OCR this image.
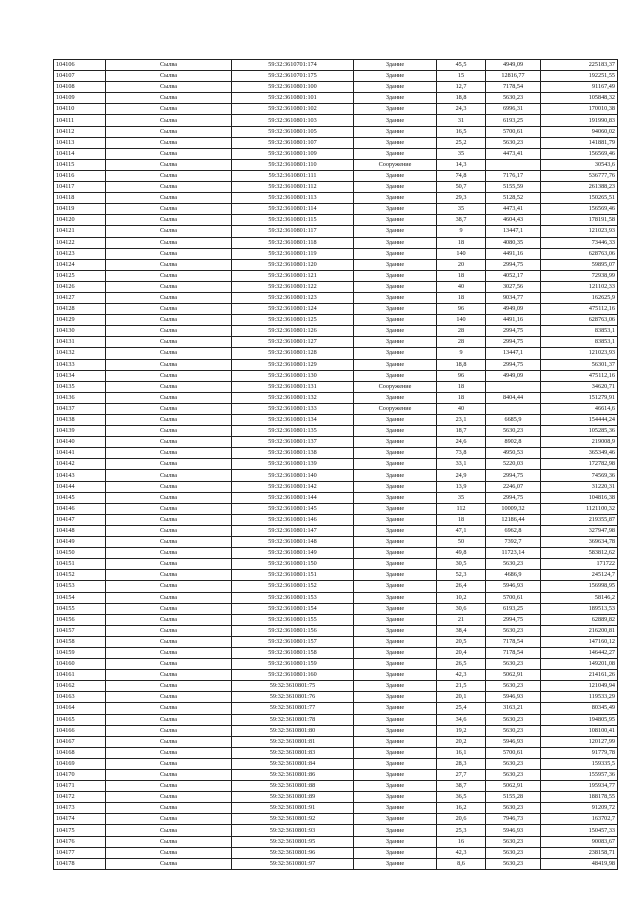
104106	Сылва	59:32:3610701:174	Здание	45,5	4949,09	225183,37
104107	Сылва	59:32:3610701:175	Здание	15	12816,77	192251,55
104108	Сылва	59:32:3610801:100	Здание	12,7	7178,54	91167,49
104109	Сылва	59:32:3610801:101	Здание	18,8	5630,23	105848,32
104110	Сылва	59:32:3610801:102	Здание	24,3	6996,31	170010,38
104111	Сылва	59:32:3610801:103	Здание	31	6193,25	191990,83
104112	Сылва	59:32:3610801:105	Здание	16,5	5700,61	94060,02
104113	Сылва	59:32:3610801:107	Здание	25,2	5630,23	141881,79
104114	Сылва	59:32:3610801:109	Здание	35	4473,41	156569,46
104115	Сылва	59:32:3610801:110	Сооружение	14,3		30543,6
104116	Сылва	59:32:3610801:111	Здание	74,8	7176,17	536777,76
104117	Сылва	59:32:3610801:112	Здание	50,7	5155,59	261388,23
104118	Сылва	59:32:3610801:113	Здание	29,3	5128,52	150265,51
104119	Сылва	59:32:3610801:114	Здание	35	4473,41	156569,46
104120	Сылва	59:32:3610801:115	Здание	38,7	4604,43	178191,58
104121	Сылва	59:32:3610801:117	Здание	9	13447,1	121023,93
104122	Сылва	59:32:3610801:118	Здание	18	4080,35	73446,33
104123	Сылва	59:32:3610801:119	Здание	140	4491,16	628763,06
104124	Сылва	59:32:3610801:120	Здание	20	2994,75	59895,07
104125	Сылва	59:32:3610801:121	Здание	18	4052,17	72938,99
104126	Сылва	59:32:3610801:122	Здание	40	3027,56	121102,33
104127	Сылва	59:32:3610801:123	Здание	18	9034,77	162625,9
104128	Сылва	59:32:3610801:124	Здание	96	4949,09	475112,16
104129	Сылва	59:32:3610801:125	Здание	140	4491,16	628763,06
104130	Сылва	59:32:3610801:126	Здание	28	2994,75	83853,1
104131	Сылва	59:32:3610801:127	Здание	28	2994,75	83853,1
104132	Сылва	59:32:3610801:128	Здание	9	13447,1	121023,93
104133	Сылва	59:32:3610801:129	Здание	18,8	2994,75	56301,37
104134	Сылва	59:32:3610801:130	Здание	96	4949,09	475112,16
104135	Сылва	59:32:3610801:131	Сооружение	18		34620,71
104136	Сылва	59:32:3610801:132	Здание	18	8404,44	151279,91
104137	Сылва	59:32:3610801:133	Сооружение	40		46614,6
104138	Сылва	59:32:3610801:134	Здание	23,1	6685,9	154444,24
104139	Сылва	59:32:3610801:135	Здание	18,7	5630,23	105285,36
104140	Сылва	59:32:3610801:137	Здание	24,6	8902,8	219008,9
104141	Сылва	59:32:3610801:138	Здание	73,8	4950,53	365349,46
104142	Сылва	59:32:3610801:139	Здание	33,1	5220,03	172782,98
104143	Сылва	59:32:3610801:140	Здание	24,9	2994,75	74569,36
104144	Сылва	59:32:3610801:142	Здание	13,9	2246,07	31220,31
104145	Сылва	59:32:3610801:144	Здание	35	2994,75	104816,38
104146	Сылва	59:32:3610801:145	Здание	112	10009,32	1121100,32
104147	Сылва	59:32:3610801:146	Здание	18	12186,44	219355,87
104148	Сылва	59:32:3610801:147	Здание	47,1	6962,8	327947,98
104149	Сылва	59:32:3610801:148	Здание	50	7392,7	369634,78
104150	Сылва	59:32:3610801:149	Здание	49,8	11723,14	583812,62
104151	Сылва	59:32:3610801:150	Здание	30,5	5630,23	171722
104152	Сылва	59:32:3610801:151	Здание	52,3	4686,9	245124,7
104153	Сылва	59:32:3610801:152	Здание	26,4	5946,93	156998,95
104154	Сылва	59:32:3610801:153	Здание	10,2	5700,61	58146,2
104155	Сылва	59:32:3610801:154	Здание	30,6	6193,25	189513,53
104156	Сылва	59:32:3610801:155	Здание	21	2994,75	62889,82
104157	Сылва	59:32:3610801:156	Здание	38,4	5630,23	216200,81
104158	Сылва	59:32:3610801:157	Здание	20,5	7178,54	147160,12
104159	Сылва	59:32:3610801:158	Здание	20,4	7178,54	146442,27
104160	Сылва	59:32:3610801:159	Здание	26,5	5630,23	149201,08
104161	Сылва	59:32:3610801:160	Здание	42,3	5062,91	214161,26
104162	Сылва	59:32:3610801:75	Здание	21,5	5630,23	121049,94
104163	Сылва	59:32:3610801:76	Здание	20,1	5946,93	119533,29
104164	Сылва	59:32:3610801:77	Здание	25,4	3163,21	80345,49
104165	Сылва	59:32:3610801:78	Здание	34,6	5630,23	194805,95
104166	Сылва	59:32:3610801:80	Здание	19,2	5630,23	108100,41
104167	Сылва	59:32:3610801:81	Здание	20,2	5946,93	120127,99
104168	Сылва	59:32:3610801:83	Здание	16,1	5700,61	91779,78
104169	Сылва	59:32:3610801:84	Здание	28,3	5630,23	159335,5
104170	Сылва	59:32:3610801:86	Здание	27,7	5630,23	155957,36
104171	Сылва	59:32:3610801:88	Здание	38,7	5062,91	195934,77
104172	Сылва	59:32:3610801:89	Здание	36,5	5155,28	188178,55
104173	Сылва	59:32:3610801:91	Здание	16,2	5630,23	91209,72
104174	Сылва	59:32:3610801:92	Здание	20,6	7946,73	163702,7
104175	Сылва	59:32:3610801:93	Здание	25,3	5946,93	150457,33
104176	Сылва	59:32:3610801:95	Здание	16	5630,23	90083,67
104177	Сылва	59:32:3610801:96	Здание	42,3	5630,23	238158,71
104178	Сылва	59:32:3610801:97	Здание	8,6	5630,23	48419,98
